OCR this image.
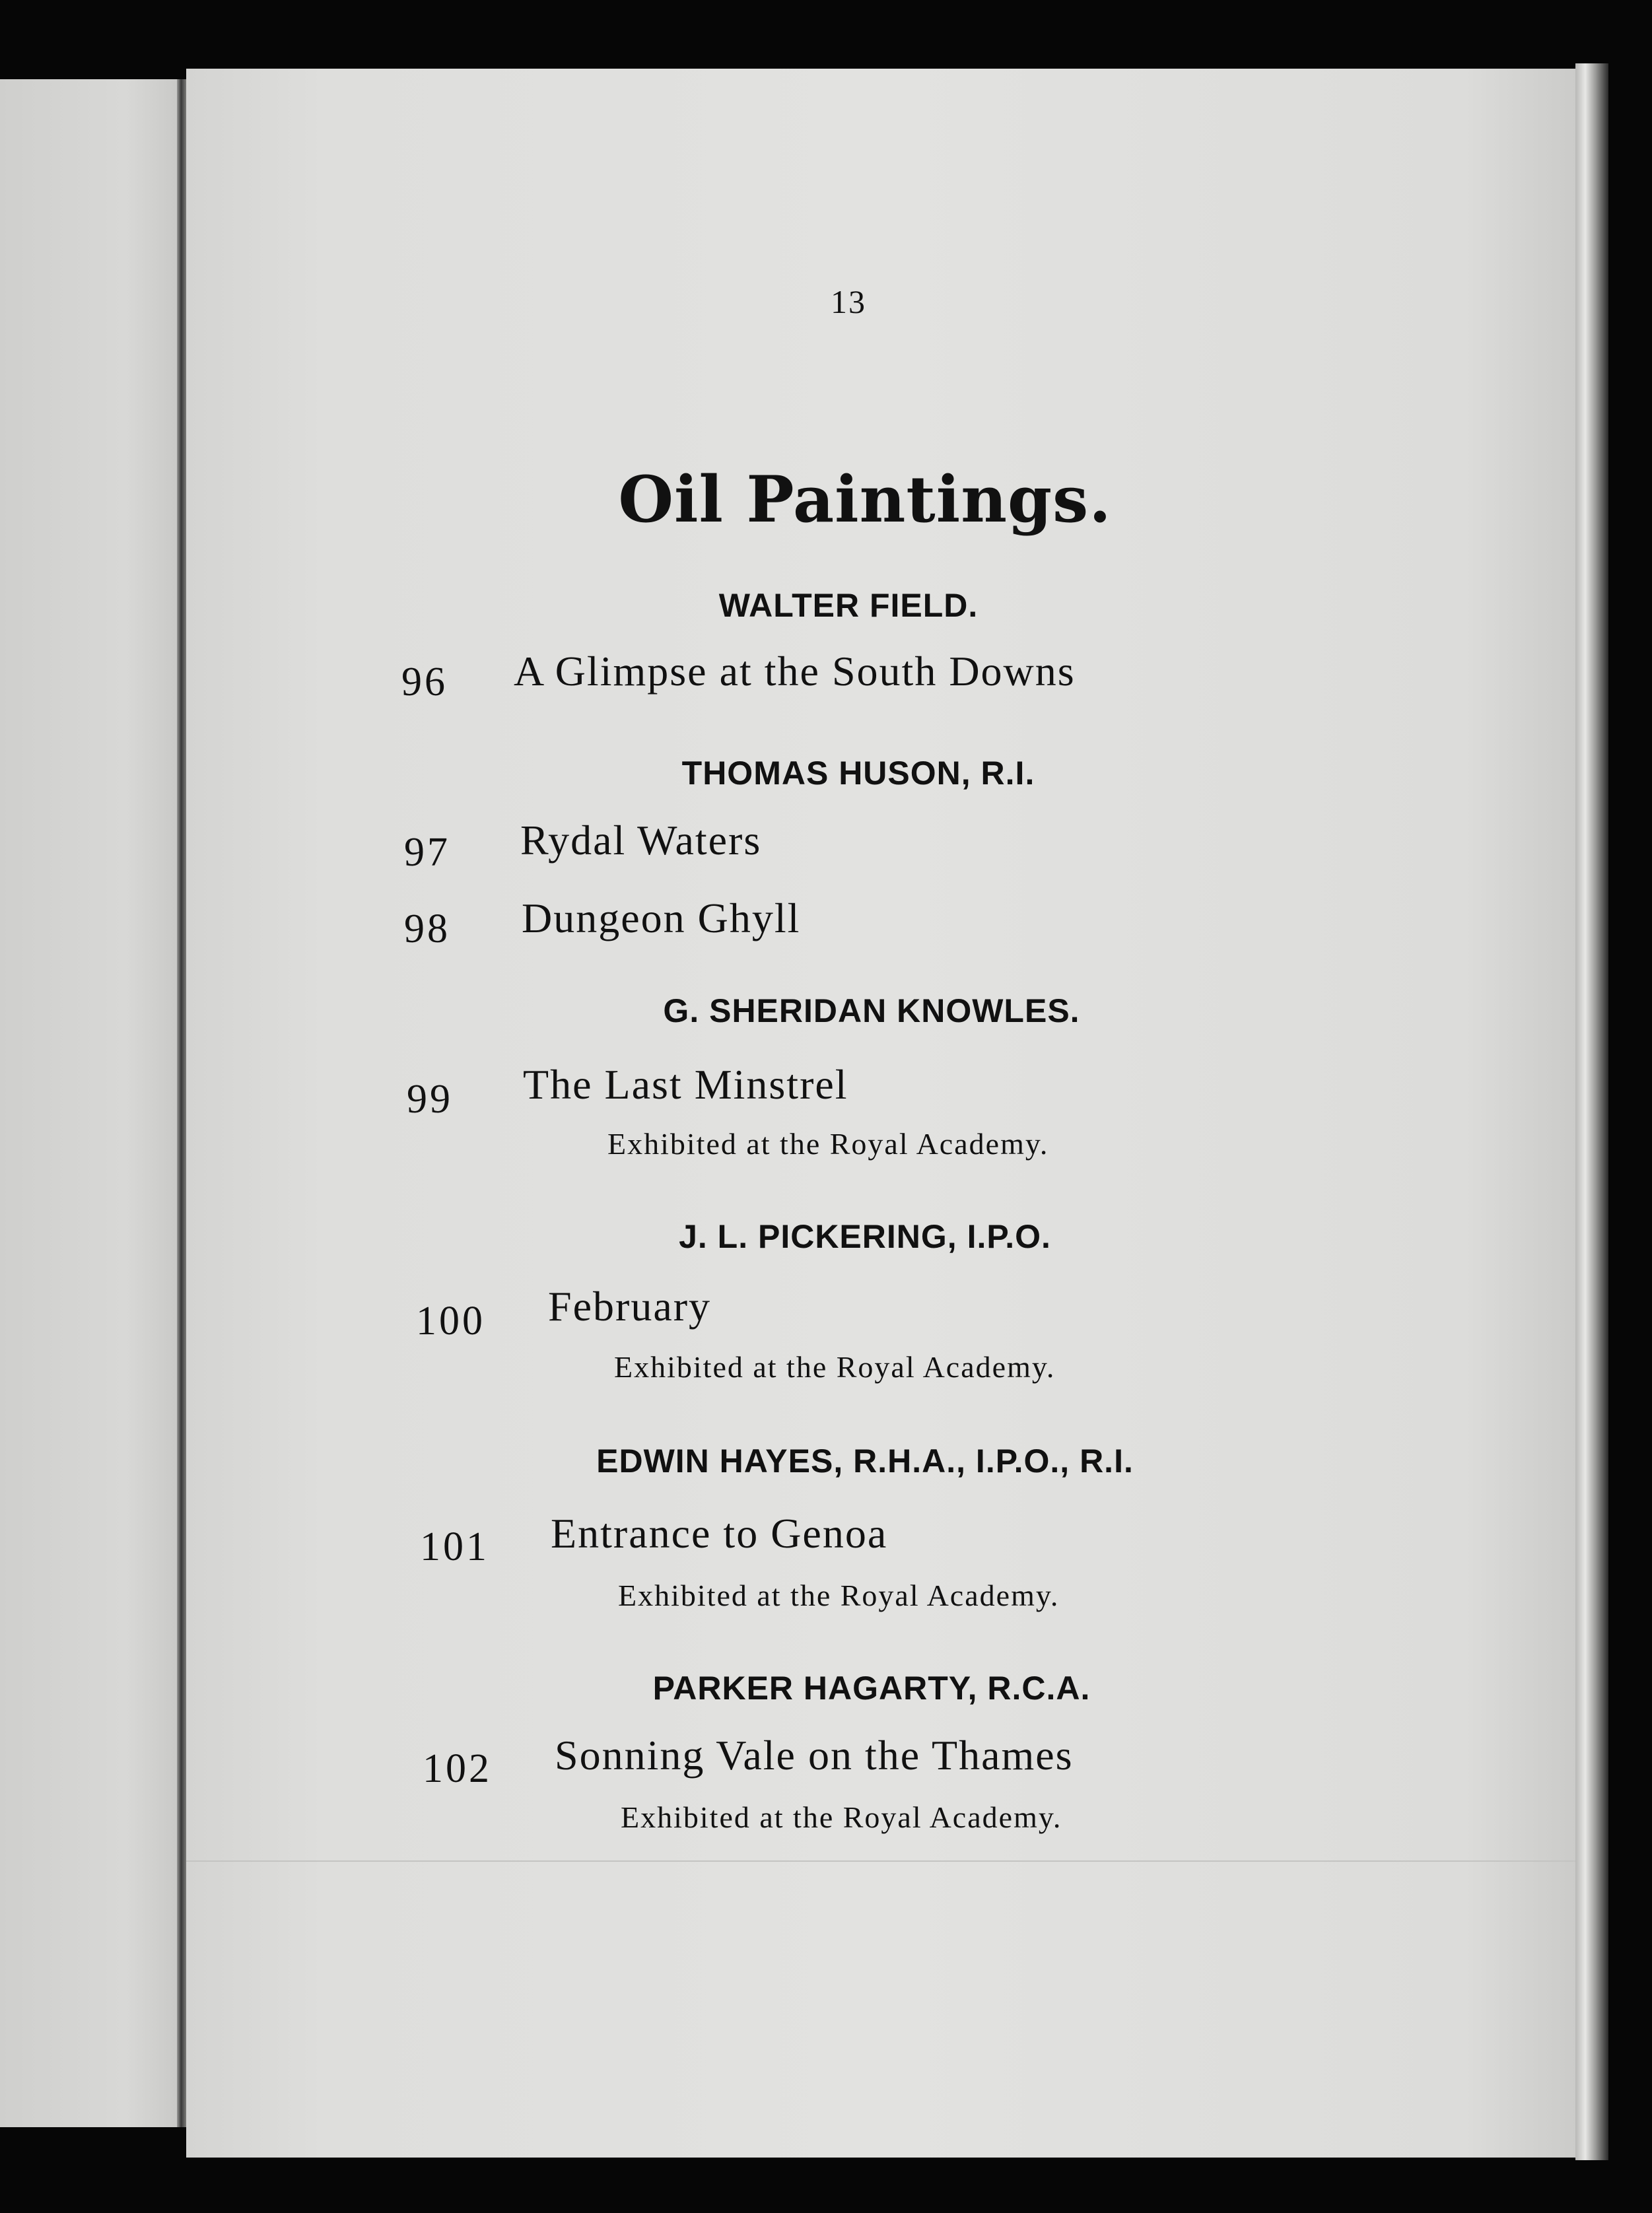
13

Oil Paintings.

WALTER FIELD.

96 A Glimpse at the South Downs

THOMAS HUSON, R.I.

97 Rydal Waters

98 Dungeon Ghyll

G. SHERIDAN KNOWLES.

99 The Last Minstrel

Exhibited at the Royal Academy.

J. L. PICKERING, I.P.O.

100 February

Exhibited at the Royal Academy.

EDWIN HAYES, R.H.A., I.P.O., R.I.

101 Entrance to Genoa

Exhibited at the Royal Academy.

PARKER HAGARTY, R.C.A.

102 Sonning Vale on the Thames

Exhibited at the Royal Academy.
